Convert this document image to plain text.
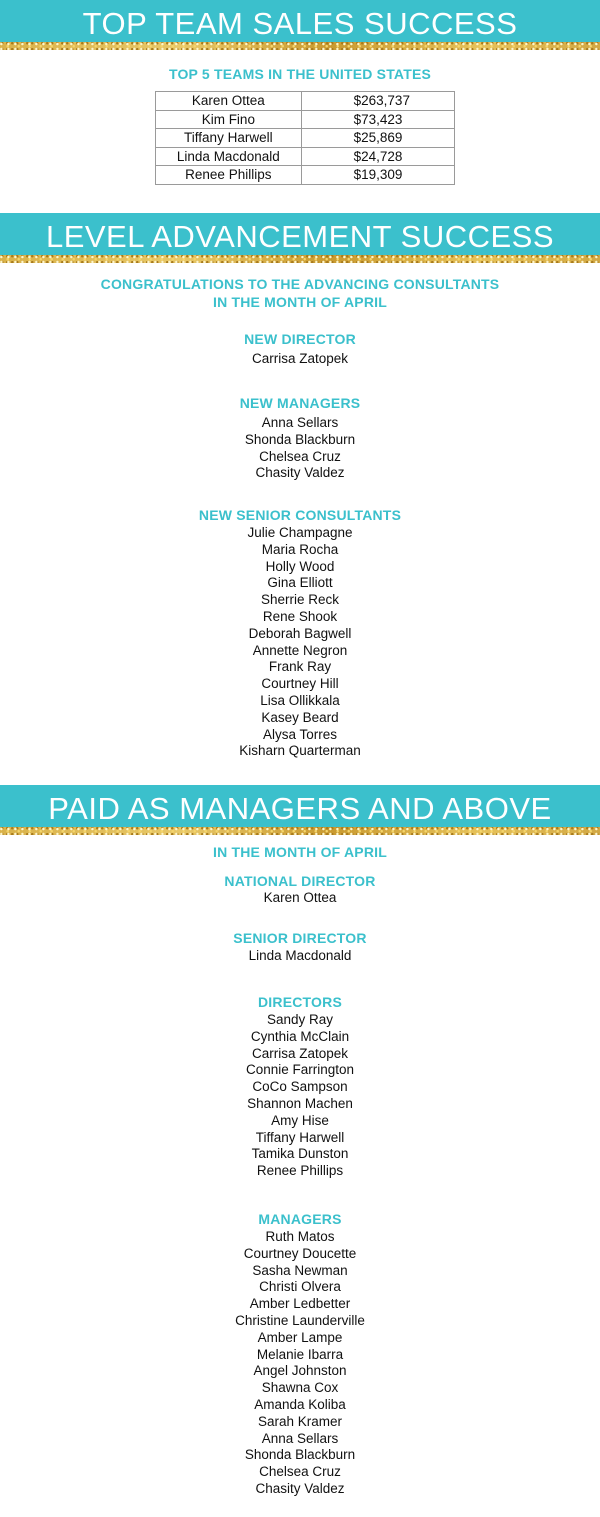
TOP TEAM SALES SUCCESS
TOP 5 TEAMS IN THE UNITED STATES
Karen Ottea	$263,737
Kim Fino	$73,423
Tiffany Harwell	$25,869
Linda Macdonald	$24,728
Renee Phillips	$19,309
LEVEL ADVANCEMENT SUCCESS
CONGRATULATIONS TO THE ADVANCING CONSULTANTS
IN THE MONTH OF APRIL
NEW DIRECTOR
Carrisa Zatopek
NEW MANAGERS
Anna Sellars
Shonda Blackburn
Chelsea Cruz
Chasity Valdez
NEW SENIOR CONSULTANTS
Julie Champagne
Maria Rocha
Holly Wood
Gina Elliott
Sherrie Reck
Rene Shook
Deborah Bagwell
Annette Negron
Frank Ray
Courtney Hill
Lisa Ollikkala
Kasey Beard
Alysa Torres
Kisharn Quarterman
PAID AS MANAGERS AND ABOVE
IN THE MONTH OF APRIL
NATIONAL DIRECTOR
Karen Ottea
SENIOR DIRECTOR
Linda Macdonald
DIRECTORS
Sandy Ray
Cynthia McClain
Carrisa Zatopek
Connie Farrington
CoCo Sampson
Shannon Machen
Amy Hise
Tiffany Harwell
Tamika Dunston
Renee Phillips
MANAGERS
Ruth Matos
Courtney Doucette
Sasha Newman
Christi Olvera
Amber Ledbetter
Christine Launderville
Amber Lampe
Melanie Ibarra
Angel Johnston
Shawna Cox
Amanda Koliba
Sarah Kramer
Anna Sellars
Shonda Blackburn
Chelsea Cruz
Chasity Valdez
